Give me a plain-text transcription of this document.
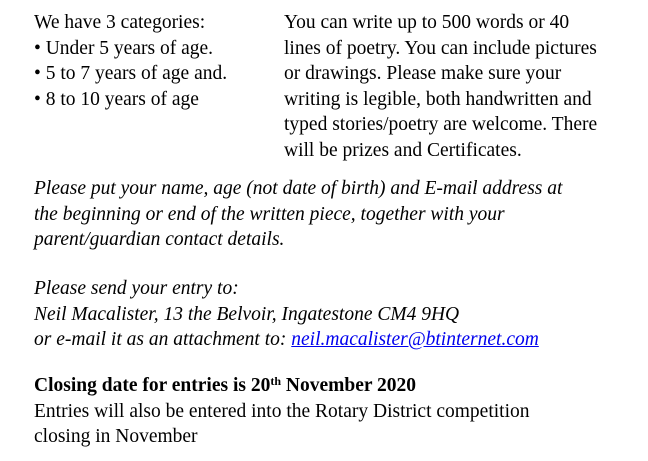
We have 3 categories:
• Under 5 years of age.
• 5 to 7 years of age and.
• 8 to 10 years of age
You can write up to 500 words or 40
lines of poetry. You can include pictures
or drawings. Please make sure your
writing is legible, both handwritten and
typed stories/poetry are welcome. There
will be prizes and Certificates.
Please put your name, age (not date of birth) and E-mail address at
the beginning or end of the written piece, together with your
parent/guardian contact details.
Please send your entry to:
Neil Macalister, 13 the Belvoir, Ingatestone CM4 9HQ
or e-mail it as an attachment to: neil.macalister@btinternet.com
Closing date for entries is 20th November 2020
Entries will also be entered into the Rotary District competition
closing in November
